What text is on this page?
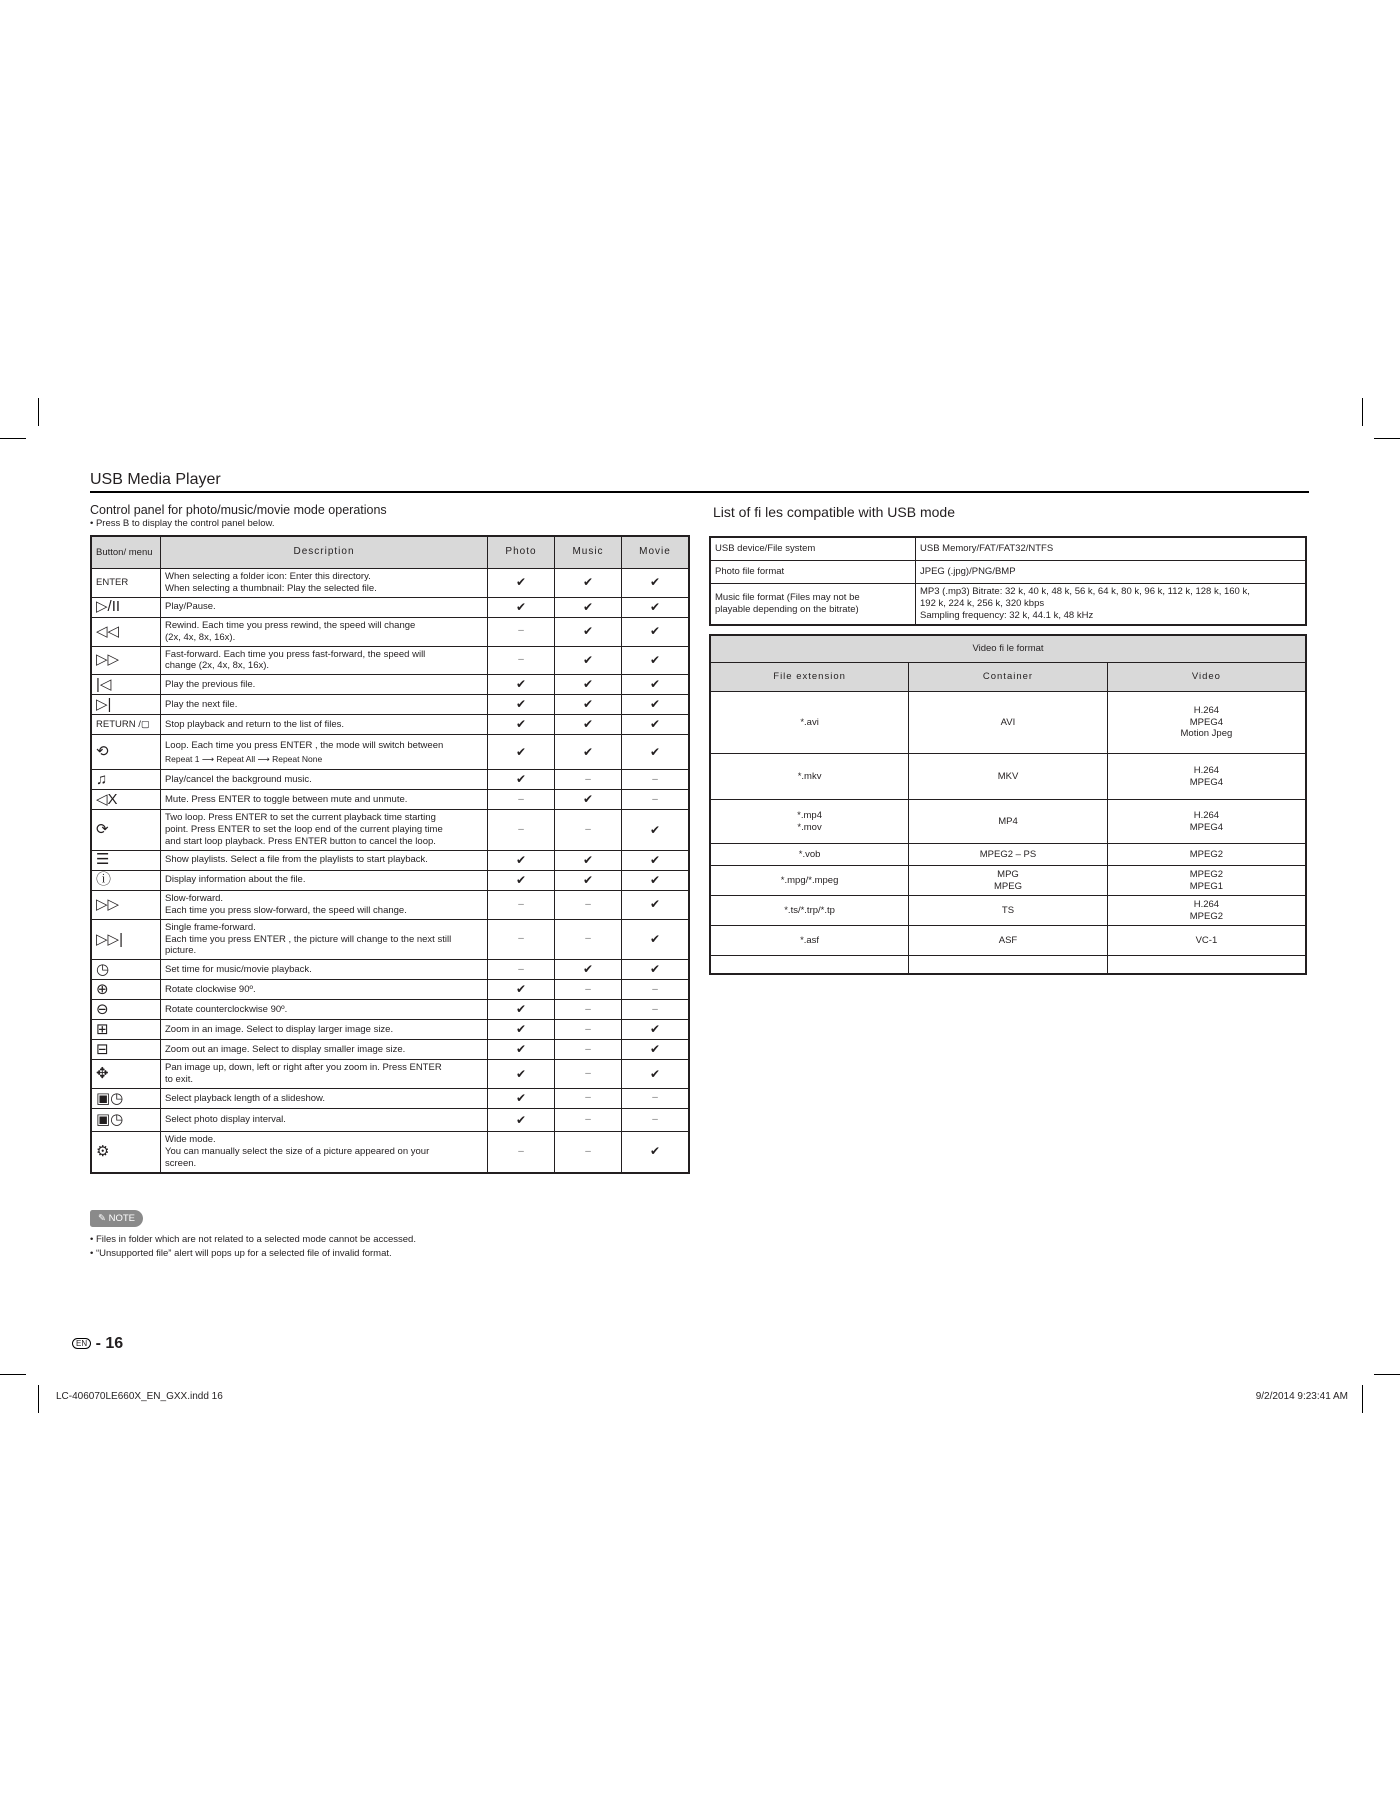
USB Media Player
Control panel for photo/music/movie mode operations
• Press B to display the control panel below.
List of fi les compatible with USB mode
Button/ menu	Description	Photo	Music	Movie
ENTER	When selecting a folder icon: Enter this directory.
When selecting a thumbnail: Play the selected file.	✔	✔	✔
▷/II	Play/Pause.	✔	✔	✔
◁◁	Rewind. Each time you press rewind, the speed will change
(2x, 4x, 8x, 16x).	–	✔	✔
▷▷	Fast-forward. Each time you press fast-forward, the speed will
change (2x, 4x, 8x, 16x).	–	✔	✔
|◁	Play the previous file.	✔	✔	✔
▷|	Play the next file.	✔	✔	✔
RETURN /▢	Stop playback and return to the list of files.	✔	✔	✔
⟲	Loop. Each time you press ENTER , the mode will switch between
Repeat 1 ⟶ Repeat All ⟶ Repeat None	✔	✔	✔
♫	Play/cancel the background music.	✔	–	–
◁X	Mute. Press ENTER to toggle between mute and unmute.	–	✔	–
⟳	Two loop. Press ENTER to set the current playback time starting
point. Press ENTER to set the loop end of the current playing time
and start loop playback. Press ENTER button to cancel the loop.	–	–	✔
☰	Show playlists. Select a file from the playlists to start playback.	✔	✔	✔
ⓘ	Display information about the file.	✔	✔	✔
▷▷	Slow-forward.
Each time you press slow-forward, the speed will change.	–	–	✔
▷▷|	Single frame-forward.
Each time you press ENTER , the picture will change to the next still
picture.	–	–	✔
◷	Set time for music/movie playback.	–	✔	✔
⊕	Rotate clockwise 90º.	✔	–	–
⊖	Rotate counterclockwise 90º.	✔	–	–
⊞	Zoom in an image. Select to display larger image size.	✔	–	✔
⊟	Zoom out an image. Select to display smaller image size.	✔	–	✔
✥	Pan image up, down, left or right after you zoom in. Press ENTER
to exit.	✔	–	✔
▣◷	Select playback length of a slideshow.	✔	–	–
▣◷	Select photo display interval.	✔	–	–
⚙	Wide mode.
You can manually select the size of a picture appeared on your
screen.	–	–	✔
USB device/File system	USB Memory/FAT/FAT32/NTFS
Photo file format	JPEG (.jpg)/PNG/BMP
Music file format (Files may not be
playable depending on the bitrate)	MP3 (.mp3) Bitrate: 32 k, 40 k, 48 k, 56 k, 64 k, 80 k, 96 k, 112 k, 128 k, 160 k,
192 k, 224 k, 256 k, 320 kbps
Sampling frequency: 32 k, 44.1 k, 48 kHz
Video fi le format		
File extension	Container	Video
*.avi	AVI	H.264
MPEG4
Motion Jpeg
*.mkv	MKV	H.264
MPEG4
*.mp4
*.mov	MP4	H.264
MPEG4
*.vob	MPEG2 – PS	MPEG2
*.mpg/*.mpeg	MPG
MPEG	MPEG2
MPEG1
*.ts/*.trp/*.tp	TS	H.264
MPEG2
*.asf	ASF	VC-1

✎ NOTE
• Files in folder which are not related to a selected mode cannot be accessed.
• “Unsupported file” alert will pops up for a selected file of invalid format.
EN - 16
LC-406070LE660X_EN_GXX.indd 16	9/2/2014 9:23:41 AM
